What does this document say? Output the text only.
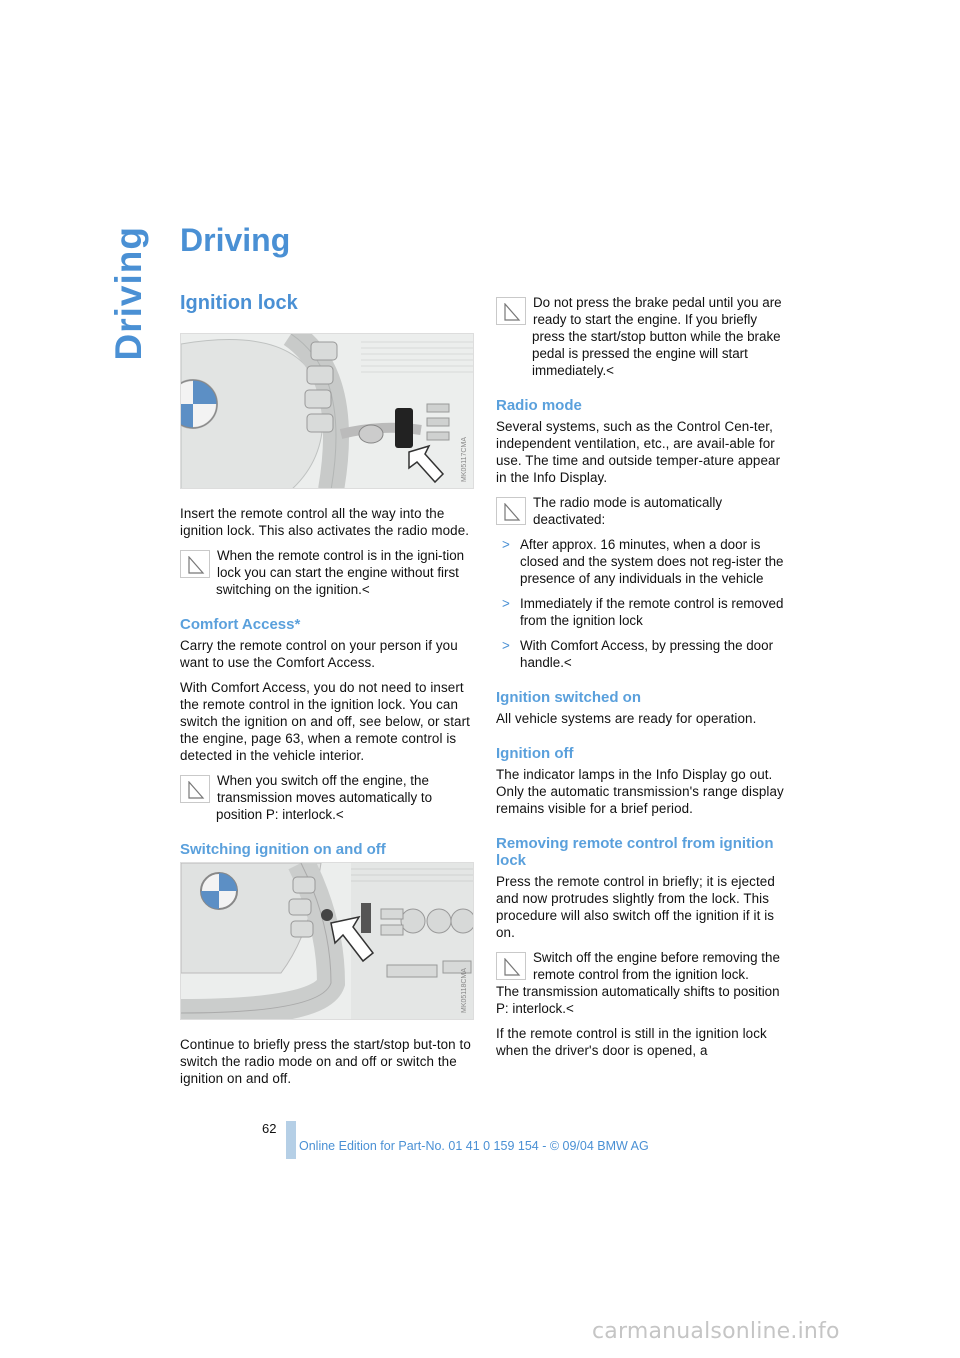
Driving Driving
Ignition lock
MK05117CMA

Insert the remote control all the way into the ignition lock. This also activates the radio mode.

When the remote control is in the igni-tion lock you can start the engine without first switching on the ignition.<
Comfort Access*

Carry the remote control on your person if you want to use the Comfort Access.

With Comfort Access, you do not need to insert the remote control in the ignition lock. You can switch the ignition on and off, see below, or start the engine, page 63, when a remote control is detected in the vehicle interior.

When you switch off the engine, the transmission moves automatically to position P: interlock.<
Switching ignition on and off
MK05118CMA

Continue to briefly press the start/stop but-ton to switch the radio mode on and off or switch the ignition on and off.

Do not press the brake pedal until you are ready to start the engine. If you briefly press the start/stop button while the brake pedal is pressed the engine will start immediately.<
Radio mode

Several systems, such as the Control Cen-ter, independent ventilation, etc., are avail-able for use. The time and outside temper-ature appear in the Info Display.

The radio mode is automatically deactivated:
> After approx. 16 minutes, when a door is closed and the system does not reg-ister the presence of any individuals in the vehicle
> Immediately if the remote control is removed from the ignition lock
> With Comfort Access, by pressing the door handle.<
Ignition switched on

All vehicle systems are ready for operation.

Ignition off

The indicator lamps in the Info Display go out. Only the automatic transmission's range display remains visible for a brief period.

Removing remote control from ignition lock

Press the remote control in briefly; it is ejected and now protrudes slightly from the lock. This procedure will also switch off the ignition if it is on.

Switch off the engine before removing the remote control from the ignition lock.
The transmission automatically shifts to position P: interlock.<

If the remote control is still in the ignition lock when the driver's door is opened, a

62
Online Edition for Part-No. 01 41 0 159 154 - © 09/04 BMW AG
carmanualsonline.info
